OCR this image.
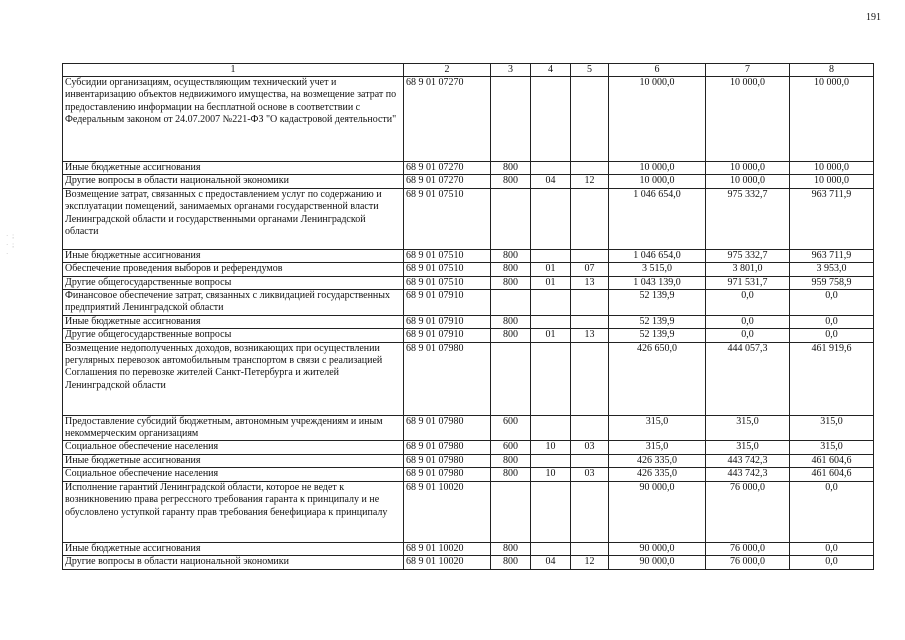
191
· ; · ; ·
1	2	3	4	5	6	7	8
Субсидии организациям, осуществляющим технический учет и инвентаризацию объектов недвижимого имущества, на возмещение затрат по предоставлению информации на бесплатной основе в соответствии с Федеральным законом от 24.07.2007 №221-ФЗ "О кадастровой деятельности"	68 9 01 07270				10 000,0	10 000,0	10 000,0
Иные бюджетные ассигнования	68 9 01 07270	800			10 000,0	10 000,0	10 000,0
Другие вопросы в области национальной экономики	68 9 01 07270	800	04	12	10 000,0	10 000,0	10 000,0
Возмещение затрат, связанных с предоставлением услуг по содержанию и эксплуатации помещений, занимаемых органами государственной власти Ленинградской области и государственными органами Ленинградской области	68 9 01 07510				1 046 654,0	975 332,7	963 711,9
Иные бюджетные ассигнования	68 9 01 07510	800			1 046 654,0	975 332,7	963 711,9
Обеспечение проведения выборов и референдумов	68 9 01 07510	800	01	07	3 515,0	3 801,0	3 953,0
Другие общегосударственные вопросы	68 9 01 07510	800	01	13	1 043 139,0	971 531,7	959 758,9
Финансовое обеспечение затрат, связанных с ликвидацией государственных предприятий Ленинградской области	68 9 01 07910				52 139,9	0,0	0,0
Иные бюджетные ассигнования	68 9 01 07910	800			52 139,9	0,0	0,0
Другие общегосударственные вопросы	68 9 01 07910	800	01	13	52 139,9	0,0	0,0
Возмещение недополученных доходов, возникающих при осуществлении регулярных перевозок автомобильным транспортом в связи с реализацией Соглашения по перевозке жителей Санкт-Петербурга и жителей Ленинградской области	68 9 01 07980				426 650,0	444 057,3	461 919,6
Предоставление субсидий бюджетным, автономным учреждениям и иным некоммерческим организациям	68 9 01 07980	600			315,0	315,0	315,0
Социальное обеспечение населения	68 9 01 07980	600	10	03	315,0	315,0	315,0
Иные бюджетные ассигнования	68 9 01 07980	800			426 335,0	443 742,3	461 604,6
Социальное обеспечение населения	68 9 01 07980	800	10	03	426 335,0	443 742,3	461 604,6
Исполнение гарантий Ленинградской области, которое не ведет к возникновению права регрессного требования гаранта к принципалу и не обусловлено уступкой гаранту прав требования бенефициара к принципалу	68 9 01 10020				90 000,0	76 000,0	0,0
Иные бюджетные ассигнования	68 9 01 10020	800			90 000,0	76 000,0	0,0
Другие вопросы в области национальной экономики	68 9 01 10020	800	04	12	90 000,0	76 000,0	0,0
